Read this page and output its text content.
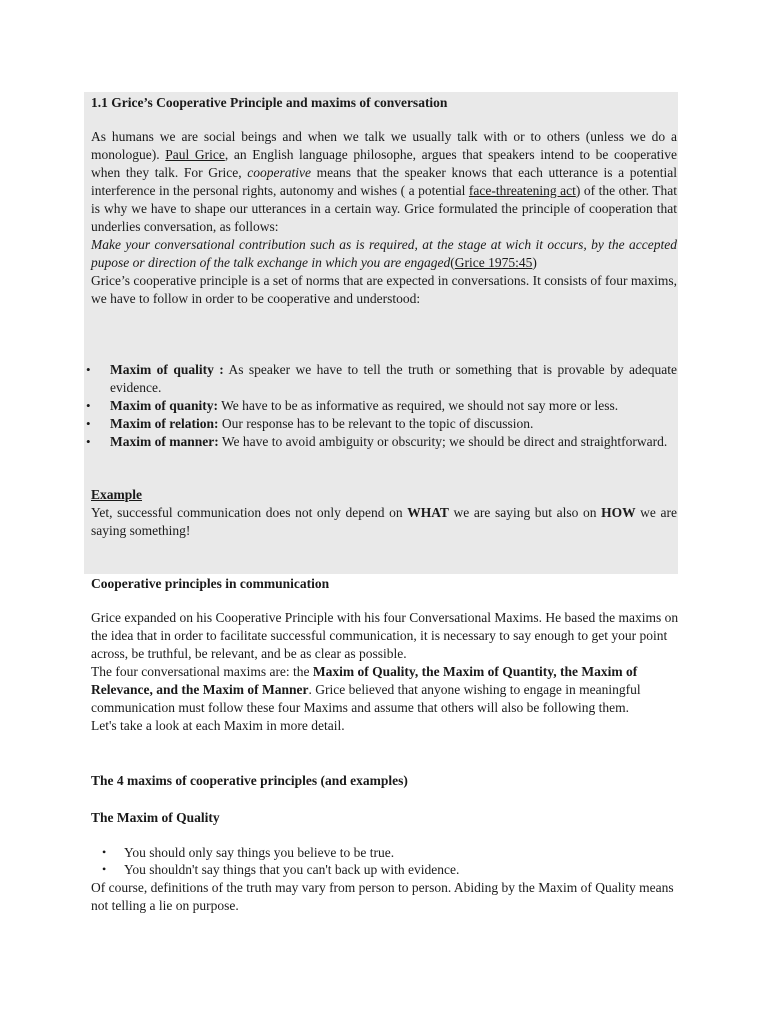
1.1 Grice’s Cooperative Principle and maxims of conversation
As humans we are social beings and when we talk we usually talk with or to others (unless we do a monologue). Paul Grice, an English language philosophe, argues that speakers intend to be cooperative when they talk. For Grice, cooperative means that the speaker knows that each utterance is a potential interference in the personal rights, autonomy and wishes ( a potential face-threatening act) of the other. That is why we have to shape our utterances in a certain way. Grice formulated the principle of cooperation that underlies conversation, as follows:
Make your conversational contribution such as is required, at the stage at wich it occurs, by the accepted pupose or direction of the talk exchange in which you are engaged(Grice 1975:45)
Grice’s cooperative principle is a set of norms that are expected in conversations. It consists of four maxims, we have to follow in order to be cooperative and understood:
• Maxim of quality : As speaker we have to tell the truth or something that is provable by adequate evidence.
• Maxim of quanity: We have to be as informative as required, we should not say more or less.
• Maxim of relation: Our response has to be relevant to the topic of discussion.
• Maxim of manner: We have to avoid ambiguity or obscurity; we should be direct and straightforward.
Example
Yet, successful communication does not only depend on WHAT we are saying but also on HOW we are saying something!
Cooperative principles in communication

Grice expanded on his Cooperative Principle with his four Conversational Maxims. He based the maxims on the idea that in order to facilitate successful communication, it is necessary to say enough to get your point across, be truthful, be relevant, and be as clear as possible.

The four conversational maxims are: the Maxim of Quality, the Maxim of Quantity, the Maxim of Relevance, and the Maxim of Manner. Grice believed that anyone wishing to engage in meaningful communication must follow these four Maxims and assume that others will also be following them.

Let's take a look at each Maxim in more detail.

The 4 maxims of cooperative principles (and examples)
The Maxim of Quality
• You should only say things you believe to be true.
• You shouldn't say things that you can't back up with evidence.

Of course, definitions of the truth may vary from person to person. Abiding by the Maxim of Quality means not telling a lie on purpose.
